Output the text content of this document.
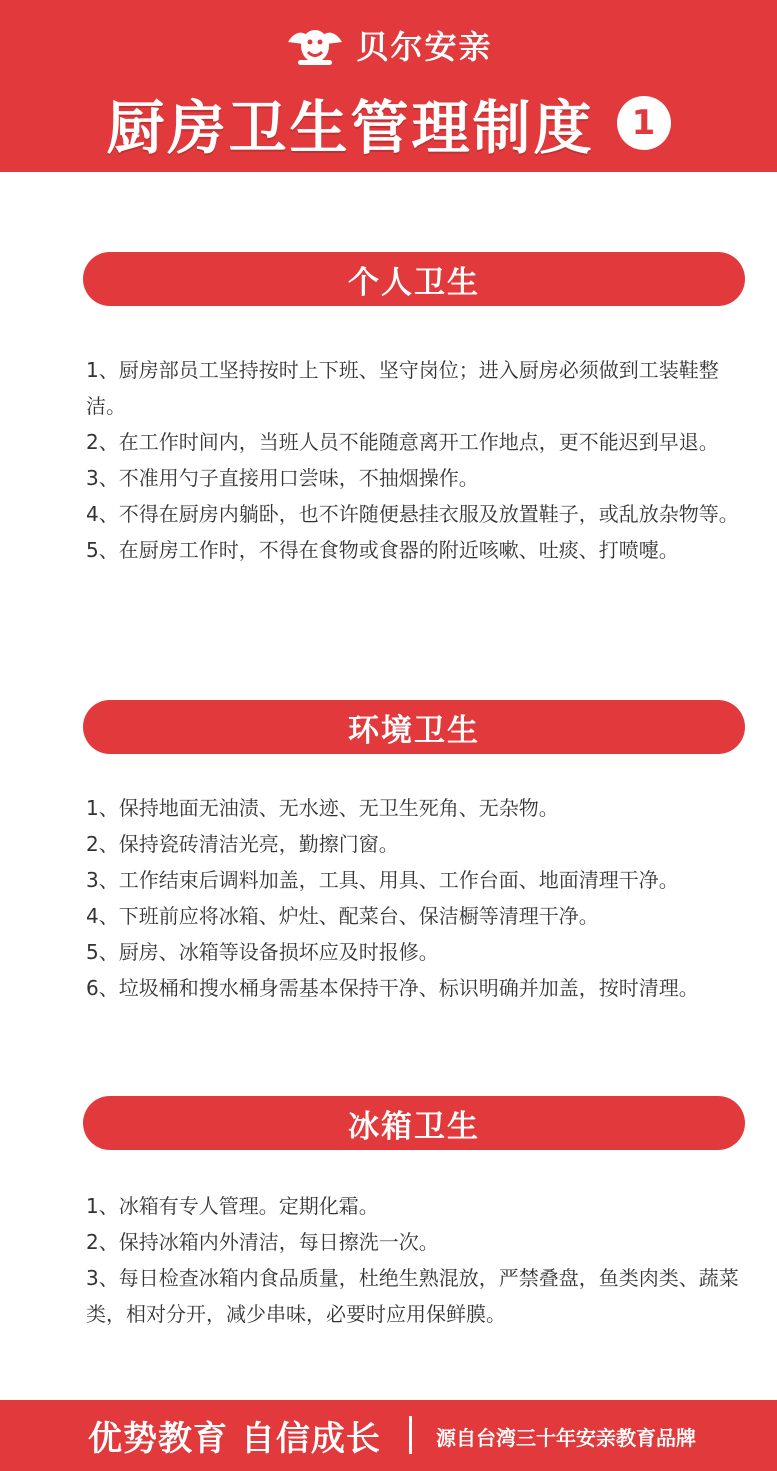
贝尔安亲
厨房卫生管理制度	1
个人卫生
1、厨房部员工坚持按时上下班、坚守岗位；进入厨房必须做到工装鞋整洁。
2、在工作时间内，当班人员不能随意离开工作地点，更不能迟到早退。
3、不准用勺子直接用口尝味，不抽烟操作。
4、不得在厨房内躺卧，也不许随便悬挂衣服及放置鞋子，或乱放杂物等。
5、在厨房工作时，不得在食物或食器的附近咳嗽、吐痰、打喷嚏。
环境卫生
1、保持地面无油渍、无水迹、无卫生死角、无杂物。
2、保持瓷砖清洁光亮，勤擦门窗。
3、工作结束后调料加盖，工具、用具、工作台面、地面清理干净。
4、下班前应将冰箱、炉灶、配菜台、保洁橱等清理干净。
5、厨房、冰箱等设备损坏应及时报修。
6、垃圾桶和搜水桶身需基本保持干净、标识明确并加盖，按时清理。
冰箱卫生
1、冰箱有专人管理。定期化霜。
2、保持冰箱内外清洁，每日擦洗一次。
3、每日检查冰箱内食品质量，杜绝生熟混放，严禁叠盘，鱼类肉类、蔬菜类，相对分开，减少串味，必要时应用保鲜膜。
优势教育 自信成长	源自台湾三十年安亲教育品牌
